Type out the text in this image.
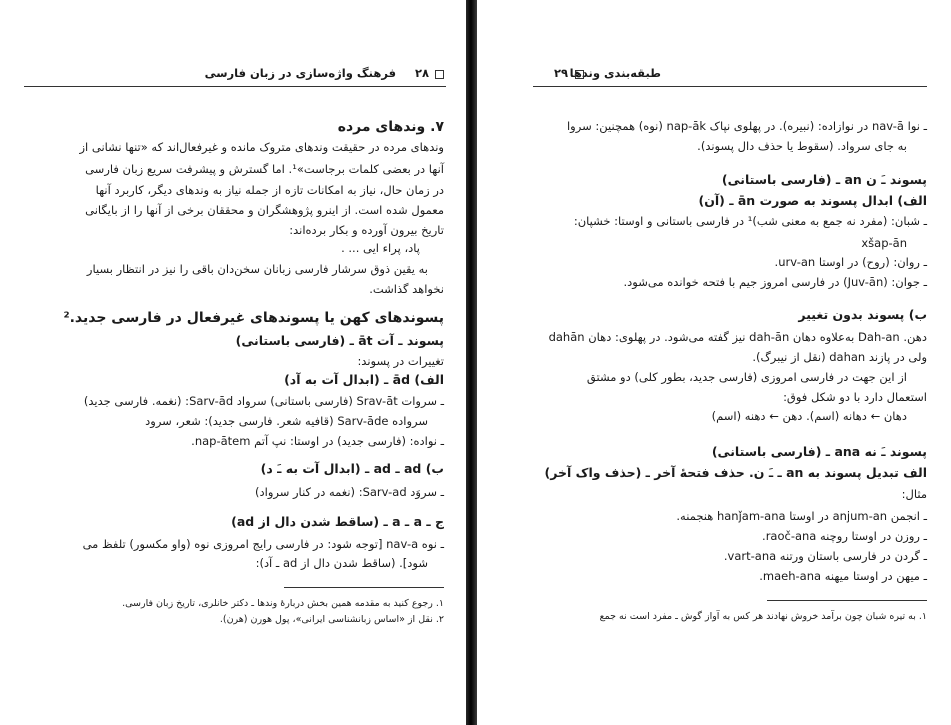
۲۸
فرهنگ واژه‌سازی در زبان فارسی
۷. وندهای مرده
وندهای مرده در حقیقت وندهای متروک مانده و غیرفعال‌اند که «تنها نشانی از
آنها در بعضی کلمات برجاست»¹. اما گسترش و پیشرفت سریع زبان فارسی
در زمان حال، نیاز به امکانات تازه از جمله نیاز به وندهای دیگر، کاربرد آنها
معمول شده است. از اینرو پژوهشگران و محققان برخی از آنها را از بایگانی
تاریخ بیرون آورده و بکار برده‌اند:
پاد، پراء ایی ... .
به یقین ذوق سرشار فارسی زبانان سخن‌دان باقی را نیز در انتظار بسیار
نخواهد گذاشت.
پسوندهای کهن یا پسوندهای غیرفعال در فارسی جدید.²
پسوند ـ آت āt ـ (فارسی باستانی)
تغییرات در پسوند:
الف) ād ـ (ابدال آت به آد)
ـ سروات Srav-āt (فارسی باستانی) سرواد Sarv-ād: (نغمه. فارسی جدید)
سرواده Sarv-āde (قافیه شعر. فارسی جدید): شعر، سرود
ـ نواده: (فارسی جدید) در اوستا: نپ آتم nap-ātem.
ب) ad ـ ad ـ (ابدال آت به ـَ د)
ـ سروَد Sarv-ad: (نغمه در کنار سرواد)
ج ـ a ـ a ـ (ساقط شدن دال از ad)
ـ نوه nav-a [توجه شود: در فارسی رایج امروزی نوه (واو مکسور) تلفظ می
شود]. (ساقط شدن دال از ad ـ آد):
۱. رجوع کنید به مقدمه همین بخش دربارهٔ وندها ـ دکتر خانلری، تاریخ زبان فارسی.
۲. نقل از «اساس زبانشناسی ایرانی»، پول هورن (هرن).
طبقه‌بندی وندها
۲۹
ـ نوا nav-ā در نوازاده: (نبیره). در پهلوی نپاک nap-āk (نوه) همچنین: سروا
به جای سرواد. (سقوط یا حذف دال پسوند).
پسوند ـَ ن an ـ (فارسی باستانی)
الف) ابدال پسوند به صورت ān ـ (آن)
ـ شبان: (مفرد نه جمع به معنی شب)¹ در فارسی باستانی و اوستا: خشپان:
xšap-ān
ـ روان: (روح) در اوستا urv-an.
ـ جوان: (Juv-ān) در فارسی امروز جیم با فتحه خوانده می‌شود.
ب) پسوند بدون تغییر
دهن. Dah-an به‌علاوه دهان dah-ān نیز گفته می‌شود. در پهلوی: دهان dahān
ولی در پازند dahan (نقل از نیبرگ).
از این جهت در فارسی امروزی (فارسی جدید، بطور کلی) دو مشتق
استعمال دارد با دو شکل فوق:
دهان ← دهانه (اسم). دهن ← دهنه (اسم)
پسوند ـَ نه ana ـ (فارسی باستانی)
الف تبدیل پسوند به an ـ ـَ ن. حذف فتحهٔ آخر ـ (حذف واک آخر)
مثال:
ـ انجمن anjum-an در اوستا hanǰam-ana هنجمنه.
ـ روزن در اوستا روچنه raoč-ana.
ـ گردن در فارسی باستان ورتنه vart-ana.
ـ میهن در اوستا میهنه maeh-ana.
۱. به تیره شبان چون برآمد خروش نهادند هر کس به آواز گوش ـ مفرد است نه جمع
